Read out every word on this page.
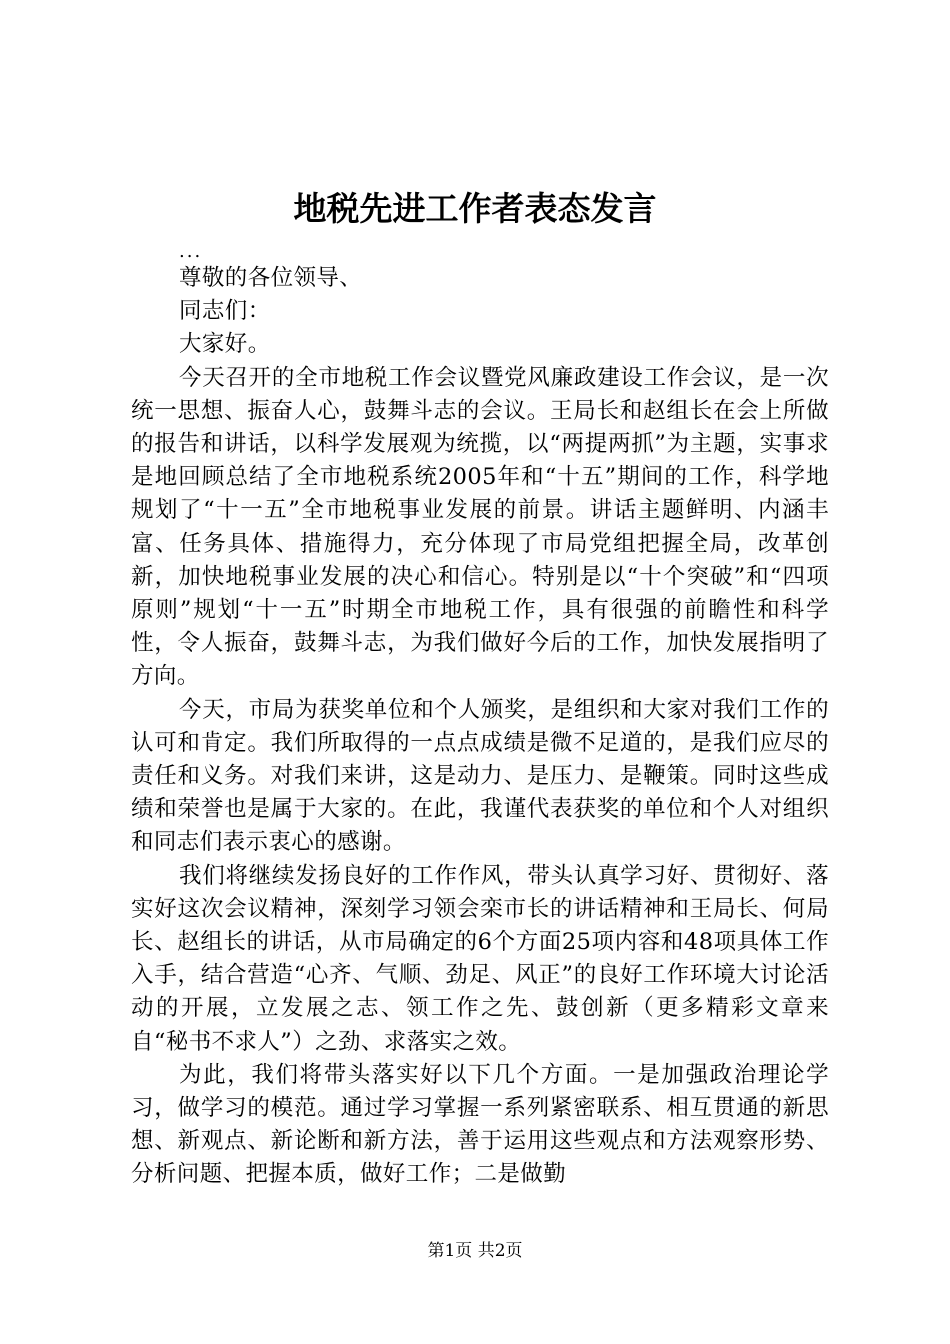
地税先进工作者表态发言
...
尊敬的各位领导、
同志们：
大家好。
今天召开的全市地税工作会议暨党风廉政建设工作会议，是一次统一思想、振奋人心，鼓舞斗志的会议。王局长和赵组长在会上所做的报告和讲话，以科学发展观为统揽，以“两提两抓”为主题，实事求是地回顾总结了全市地税系统2005年和“十五”期间的工作，科学地规划了“十一五”全市地税事业发展的前景。讲话主题鲜明、内涵丰富、任务具体、措施得力，充分体现了市局党组把握全局，改革创新，加快地税事业发展的决心和信心。特别是以“十个突破”和“四项原则”规划“十一五”时期全市地税工作，具有很强的前瞻性和科学性，令人振奋，鼓舞斗志，为我们做好今后的工作，加快发展指明了方向。
今天，市局为获奖单位和个人颁奖，是组织和大家对我们工作的认可和肯定。我们所取得的一点点成绩是微不足道的，是我们应尽的责任和义务。对我们来讲，这是动力、是压力、是鞭策。同时这些成绩和荣誉也是属于大家的。在此，我谨代表获奖的单位和个人对组织和同志们表示衷心的感谢。
我们将继续发扬良好的工作作风，带头认真学习好、贯彻好、落实好这次会议精神，深刻学习领会栾市长的讲话精神和王局长、何局长、赵组长的讲话，从市局确定的6个方面25项内容和48项具体工作入手，结合营造“心齐、气顺、劲足、风正”的良好工作环境大讨论活动的开展，立发展之志、领工作之先、鼓创新（更多精彩文章来自“秘书不求人”）之劲、求落实之效。
为此，我们将带头落实好以下几个方面。一是加强政治理论学习，做学习的模范。通过学习掌握一系列紧密联系、相互贯通的新思想、新观点、新论断和新方法，善于运用这些观点和方法观察形势、分析问题、把握本质，做好工作；二是做勤
第1页 共2页
